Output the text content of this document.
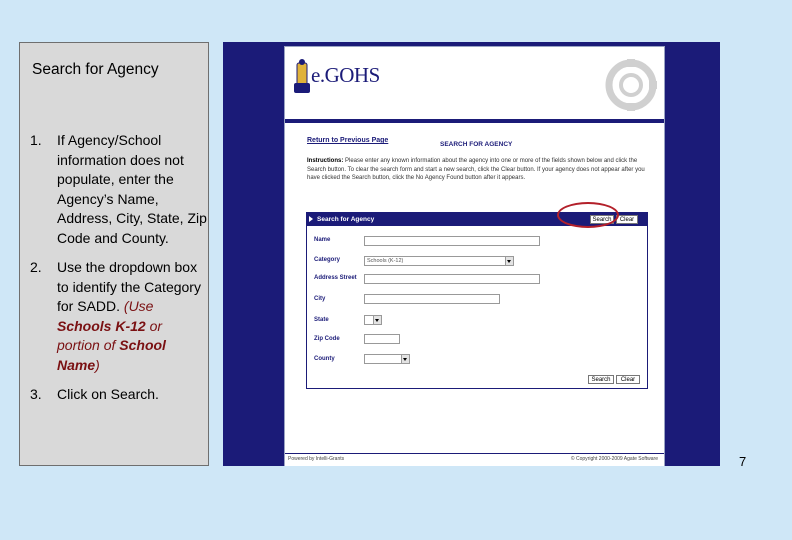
Search for Agency
1. If Agency/School information does not populate, enter the Agency’s Name, Address, City, State, Zip Code and County.
2. Use the dropdown box to identify the Category for SADD. (Use Schools K-12 or portion of School Name)
3. Click on Search.
e.GOHS
Return to Previous Page
SEARCH FOR AGENCY
Instructions: Please enter any known information about the agency into one or more of the fields shown below and click the Search button. To clear the search form and start a new search, click the Clear button. If your agency does not appear after you have clicked the Search button, click the No Agency Found button after it appears.
Search for Agency	Search	Clear
Name
Category	Schools (K-12)
Address Street
City
State
Zip Code
County
Search	Clear
Powered by Intelli-Grants	© Copyright 2000-2009 Agate Software	7
